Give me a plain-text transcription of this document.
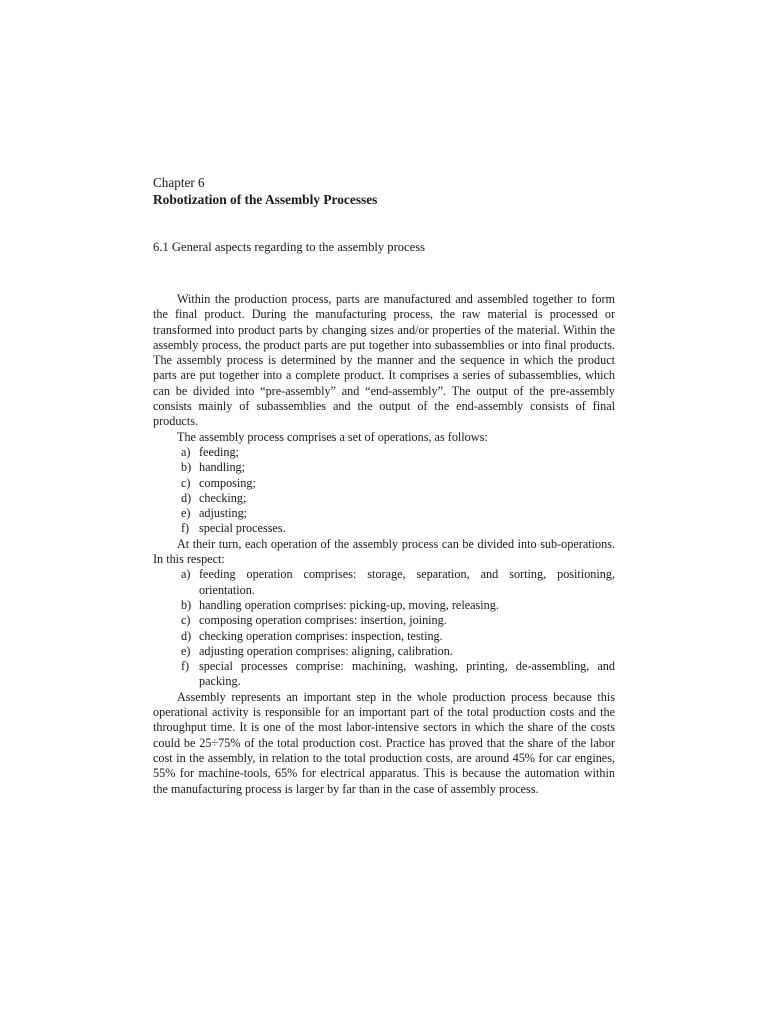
Chapter 6
Robotization of the Assembly Processes
6.1 General aspects regarding to the assembly process

Within the production process, parts are manufactured and assembled together to form the final product. During the manufacturing process, the raw material is processed or transformed into product parts by changing sizes and/or properties of the material. Within the assembly process, the product parts are put together into subassemblies or into final products. The assembly process is determined by the manner and the sequence in which the product parts are put together into a complete product. It comprises a series of subassemblies, which can be divided into “pre-assembly” and “end-assembly”. The output of the pre-assembly consists mainly of subassemblies and the output of the end-assembly consists of final products.

The assembly process comprises a set of operations, as follows:

a) feeding;
b) handling;
c) composing;
d) checking;
e) adjusting;
f) special processes.

At their turn, each operation of the assembly process can be divided into sub-operations. In this respect:

a) feeding operation comprises: storage, separation, and sorting, positioning, orientation.
b) handling operation comprises: picking-up, moving, releasing.
c) composing operation comprises: insertion, joining.
d) checking operation comprises: inspection, testing.
e) adjusting operation comprises: aligning, calibration.
f) special processes comprise: machining, washing, printing, de-assembling, and packing.

Assembly represents an important step in the whole production process because this operational activity is responsible for an important part of the total production costs and the throughput time. It is one of the most labor-intensive sectors in which the share of the costs could be 25÷75% of the total production cost. Practice has proved that the share of the labor cost in the assembly, in relation to the total production costs, are around 45% for car engines, 55% for machine-tools, 65% for electrical apparatus. This is because the automation within the manufacturing process is larger by far than in the case of assembly process.
